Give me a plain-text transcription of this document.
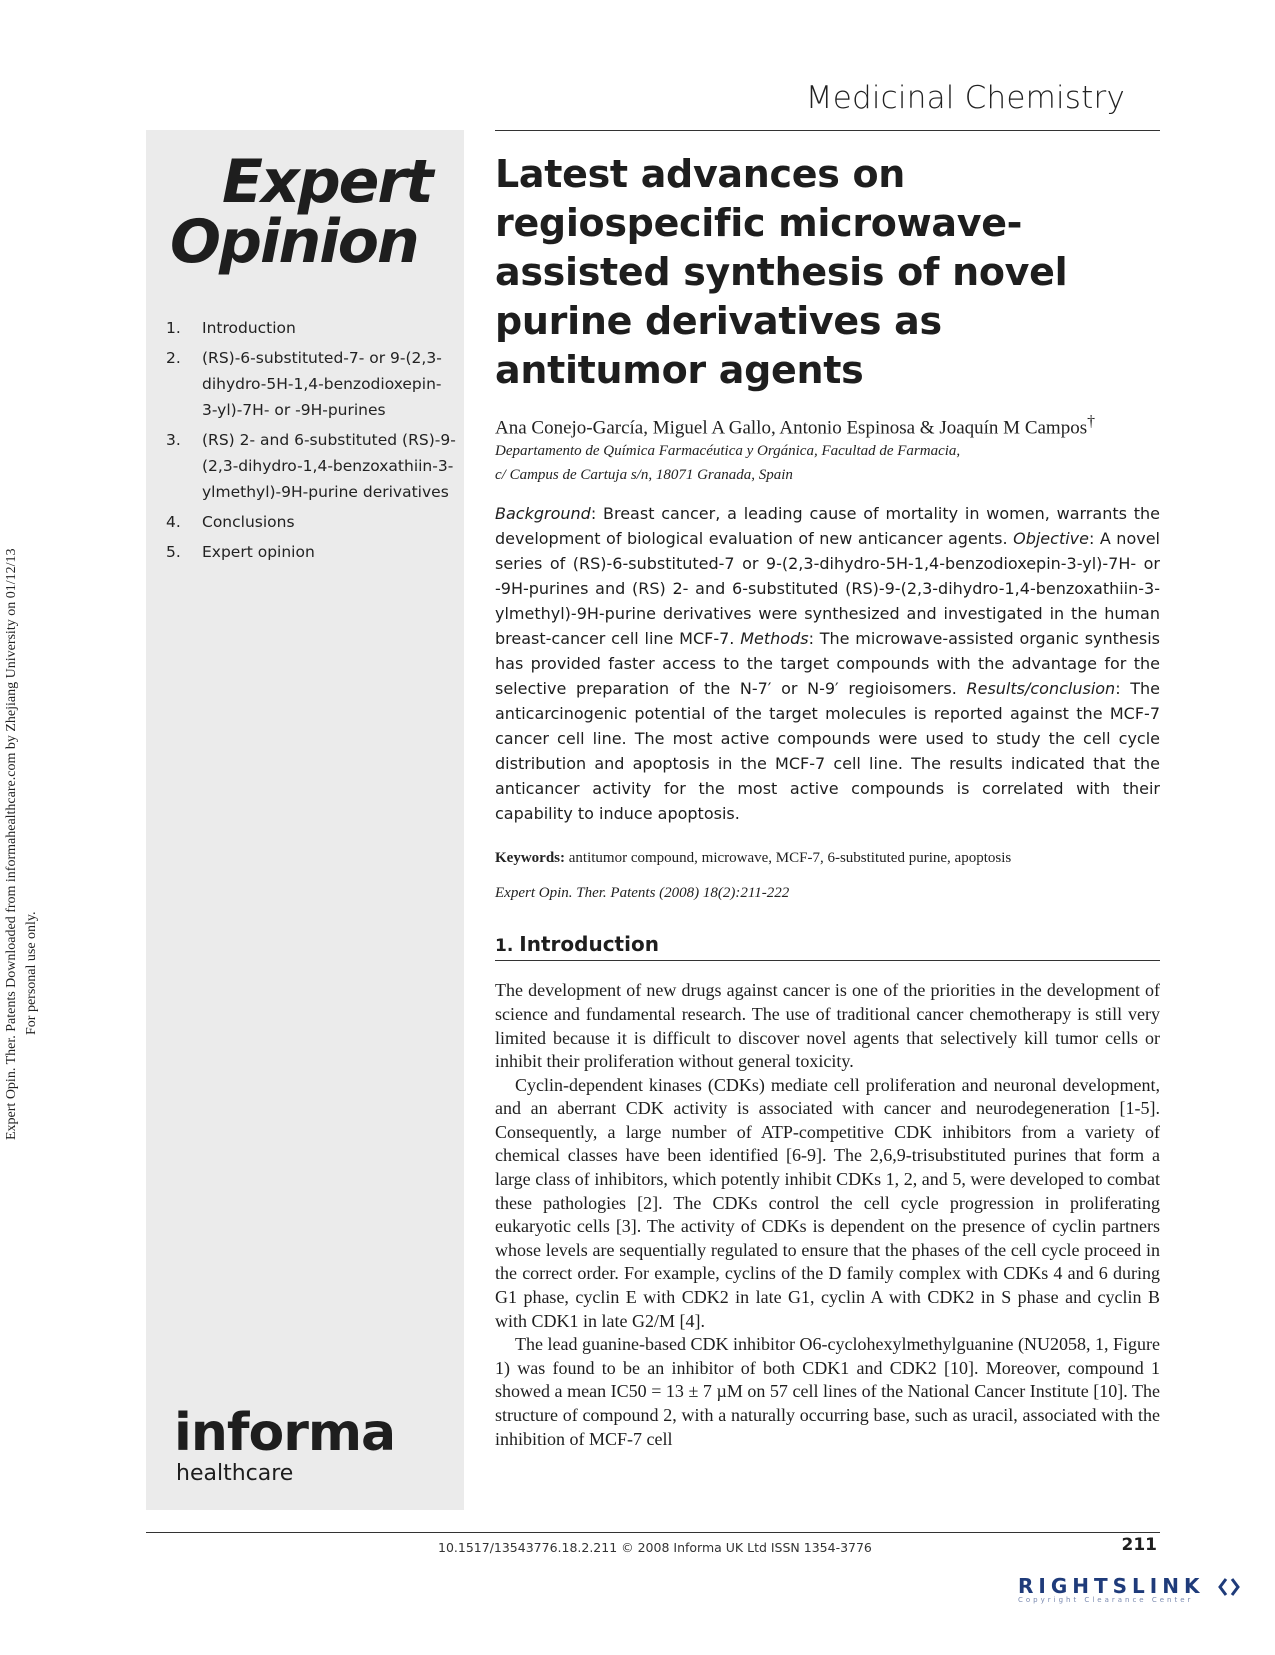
Expert Opin. Ther. Patents Downloaded from informahealthcare.com by Zhejiang University on 01/12/13 For personal use only.
Medicinal Chemistry
Expert
Opinion
1. Introduction
2. (RS)-6-substituted-7- or 9-(2,3-dihydro-5H-1,4-benzodioxepin-3-yl)-7H- or -9H-purines
3. (RS) 2- and 6-substituted (RS)-9-(2,3-dihydro-1,4-benzoxathiin-3-ylmethyl)-9H-purine derivatives
4. Conclusions
5. Expert opinion
informa
healthcare
Latest advances on regiospecific microwave-assisted synthesis of novel purine derivatives as antitumor agents
Ana Conejo-García, Miguel A Gallo, Antonio Espinosa & Joaquín M Campos†
Departamento de Química Farmacéutica y Orgánica, Facultad de Farmacia,
c/ Campus de Cartuja s/n, 18071 Granada, Spain
Background: Breast cancer, a leading cause of mortality in women, warrants the development of biological evaluation of new anticancer agents. Objective: A novel series of (RS)-6-substituted-7 or 9-(2,3-dihydro-5H-1,4-benzodioxepin-3-yl)-7H- or -9H-purines and (RS) 2- and 6-substituted (RS)-9-(2,3-dihydro-1,4-benzoxathiin-3-ylmethyl)-9H-purine derivatives were synthesized and investigated in the human breast-cancer cell line MCF-7. Methods: The microwave-assisted organic synthesis has provided faster access to the target compounds with the advantage for the selective preparation of the N-7′ or N-9′ regioisomers. Results/conclusion: The anticarcinogenic potential of the target molecules is reported against the MCF-7 cancer cell line. The most active compounds were used to study the cell cycle distribution and apoptosis in the MCF-7 cell line. The results indicated that the anticancer activity for the most active compounds is correlated with their capability to induce apoptosis.
Keywords: antitumor compound, microwave, MCF-7, 6-substituted purine, apoptosis
Expert Opin. Ther. Patents (2008) 18(2):211-222
1. Introduction

The development of new drugs against cancer is one of the priorities in the development of science and fundamental research. The use of traditional cancer chemotherapy is still very limited because it is difficult to discover novel agents that selectively kill tumor cells or inhibit their proliferation without general toxicity.

Cyclin-dependent kinases (CDKs) mediate cell proliferation and neuronal development, and an aberrant CDK activity is associated with cancer and neurodegeneration [1-5]. Consequently, a large number of ATP-competitive CDK inhibitors from a variety of chemical classes have been identified [6-9]. The 2,6,9-trisubstituted purines that form a large class of inhibitors, which potently inhibit CDKs 1, 2, and 5, were developed to combat these pathologies [2]. The CDKs control the cell cycle progression in proliferating eukaryotic cells [3]. The activity of CDKs is dependent on the presence of cyclin partners whose levels are sequentially regulated to ensure that the phases of the cell cycle proceed in the correct order. For example, cyclins of the D family complex with CDKs 4 and 6 during G1 phase, cyclin E with CDK2 in late G1, cyclin A with CDK2 in S phase and cyclin B with CDK1 in late G2/M [4].

The lead guanine-based CDK inhibitor O6-cyclohexylmethylguanine (NU2058, 1, Figure 1) was found to be an inhibitor of both CDK1 and CDK2 [10]. Moreover, compound 1 showed a mean IC50 = 13 ± 7 µM on 57 cell lines of the National Cancer Institute [10]. The structure of compound 2, with a naturally occurring base, such as uracil, associated with the inhibition of MCF-7 cell

10.1517/13543776.18.2.211 © 2008 Informa UK Ltd ISSN 1354-3776	211
RIGHTSLINK
Copyright Clearance Center
